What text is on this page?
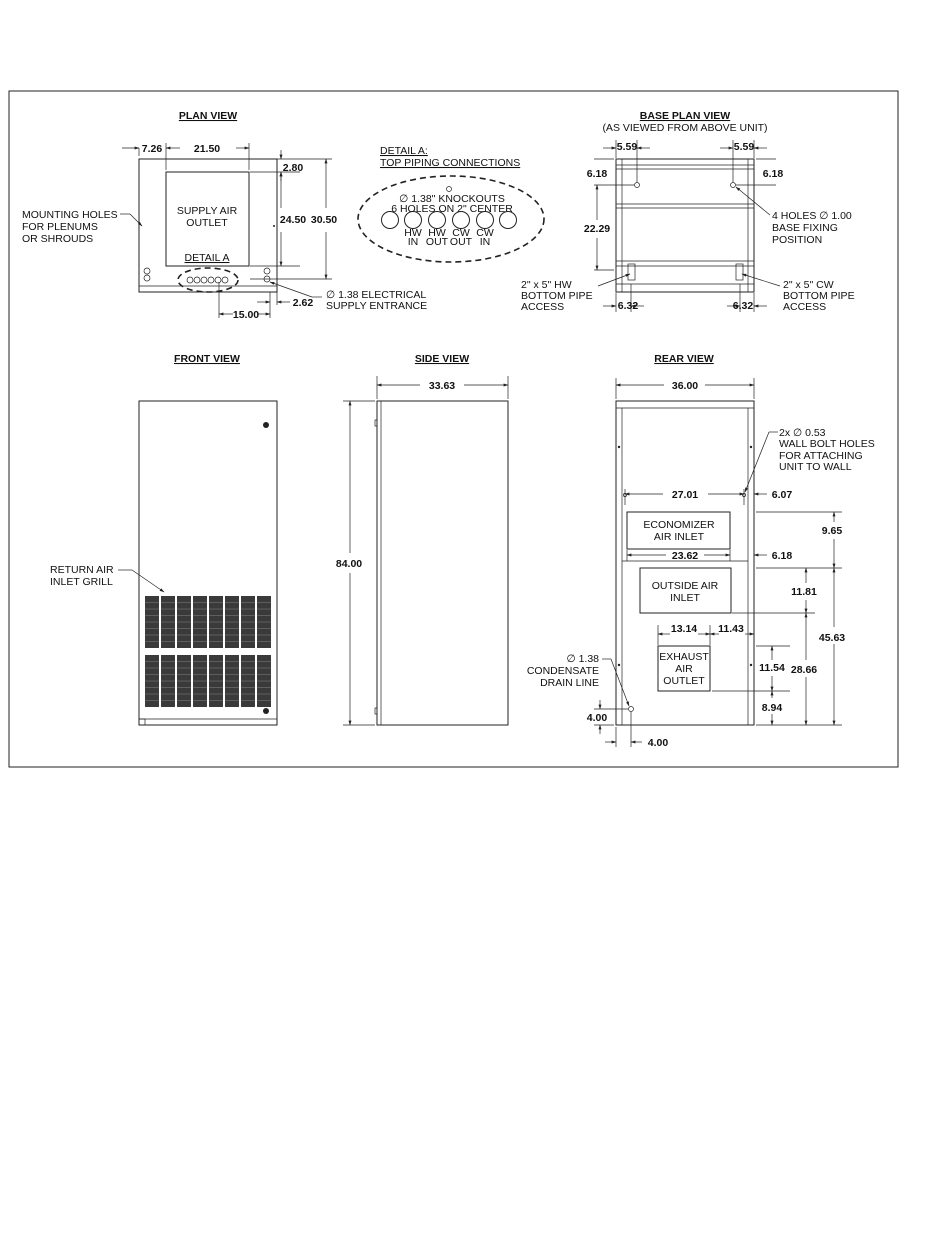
PLAN VIEW
SUPPLY AIR
OUTLET
DETAIL A
7.26	21.50
2.80
24.50 30.50
15.00
2.62
MOUNTING HOLES
FOR PLENUMS
OR SHROUDS
∅ 1.38 ELECTRICAL
SUPPLY ENTRANCE
DETAIL A:
TOP PIPING CONNECTIONS
∅ 1.38" KNOCKOUTS
6 HOLES ON 2" CENTER
HW
IN
HW
OUT
CW
OUT
CW
IN
BASE PLAN VIEW
(AS VIEWED FROM ABOVE UNIT)
5.59	5.59
6.18	6.18
22.29
6.32	6.32
4 HOLES ∅ 1.00
BASE FIXING
POSITION
2" x 5" HW
BOTTOM PIPE
ACCESS
2" x 5" CW
BOTTOM PIPE
ACCESS
FRONT VIEW
RETURN AIR
INLET GRILL
SIDE VIEW
33.63
84.00
REAR VIEW
ECONOMIZER
AIR INLET
OUTSIDE AIR
INLET
EXHAUST
AIR
OUTLET
36.00
27.01	6.07
23.62	6.18
9.65
11.81
45.63
28.66
13.14 11.43
11.54
8.94
4.00
4.00
2x ∅ 0.53
WALL BOLT HOLES
FOR ATTACHING
UNIT TO WALL
∅ 1.38
CONDENSATE
DRAIN LINE
